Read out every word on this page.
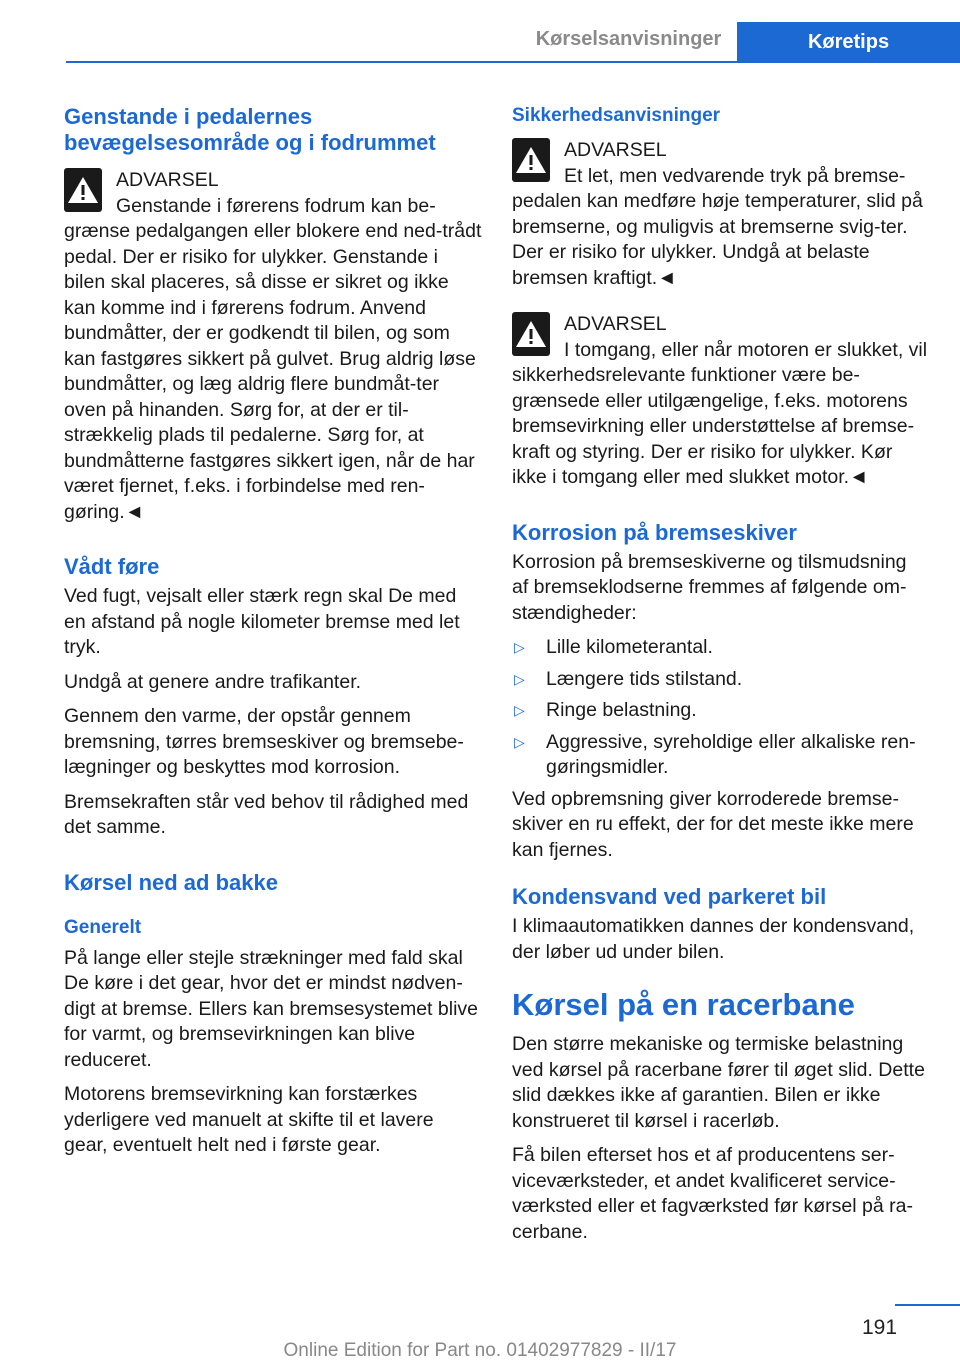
Kørselsanvisninger	Køretips
Genstande i pedalernes bevægelsesområde og i fodrummet
ADVARSEL
Genstande i førerens fodrum kan be-grænse pedalgangen eller blokere end ned-trådt pedal. Der er risiko for ulykker. Genstande i bilen skal placeres, så disse er sikret og ikke kan komme ind i førerens fodrum. Anvend bundmåtter, der er godkendt til bilen, og som kan fastgøres sikkert på gulvet. Brug aldrig løse bundmåtter, og læg aldrig flere bundmåt-ter oven på hinanden. Sørg for, at der er til-strækkelig plads til pedalerne. Sørg for, at bundmåtterne fastgøres sikkert igen, når de har været fjernet, f.eks. i forbindelse med ren-gøring.◄
Vådt føre

Ved fugt, vejsalt eller stærk regn skal De med en afstand på nogle kilometer bremse med let tryk.

Undgå at genere andre trafikanter.

Gennem den varme, der opstår gennem bremsning, tørres bremseskiver og bremsebe-lægninger og beskyttes mod korrosion.

Bremsekraften står ved behov til rådighed med det samme.

Kørsel ned ad bakke
Generelt

På lange eller stejle strækninger med fald skal De køre i det gear, hvor det er mindst nødven-digt at bremse. Ellers kan bremsesystemet blive for varmt, og bremsevirkningen kan blive reduceret.

Motorens bremsevirkning kan forstærkes yderligere ved manuelt at skifte til et lavere gear, eventuelt helt ned i første gear.

Sikkerhedsanvisninger
ADVARSEL
Et let, men vedvarende tryk på bremse-pedalen kan medføre høje temperaturer, slid på bremserne, og muligvis at bremserne svig-ter. Der er risiko for ulykker. Undgå at belaste bremsen kraftigt.◄
ADVARSEL
I tomgang, eller når motoren er slukket, vil sikkerhedsrelevante funktioner være be-grænsede eller utilgængelige, f.eks. motorens bremsevirkning eller understøttelse af bremse-kraft og styring. Der er risiko for ulykker. Kør ikke i tomgang eller med slukket motor.◄
Korrosion på bremseskiver

Korrosion på bremseskiverne og tilsmudsning af bremseklodserne fremmes af følgende om-stændigheder:

▷ Lille kilometerantal.
▷ Længere tids stilstand.
▷ Ringe belastning.
▷ Aggressive, syreholdige eller alkaliske ren-gøringsmidler.

Ved opbremsning giver korroderede bremse-skiver en ru effekt, der for det meste ikke mere kan fjernes.

Kondensvand ved parkeret bil

I klimaautomatikken dannes der kondensvand, der løber ud under bilen.

Kørsel på en racerbane

Den større mekaniske og termiske belastning ved kørsel på racerbane fører til øget slid. Dette slid dækkes ikke af garantien. Bilen er ikke konstrueret til kørsel i racerløb.

Få bilen efterset hos et af producentens ser-viceværksteder, et andet kvalificeret service-værksted eller et fagværksted før kørsel på ra-cerbane.

191
Online Edition for Part no. 01402977829 - II/17
